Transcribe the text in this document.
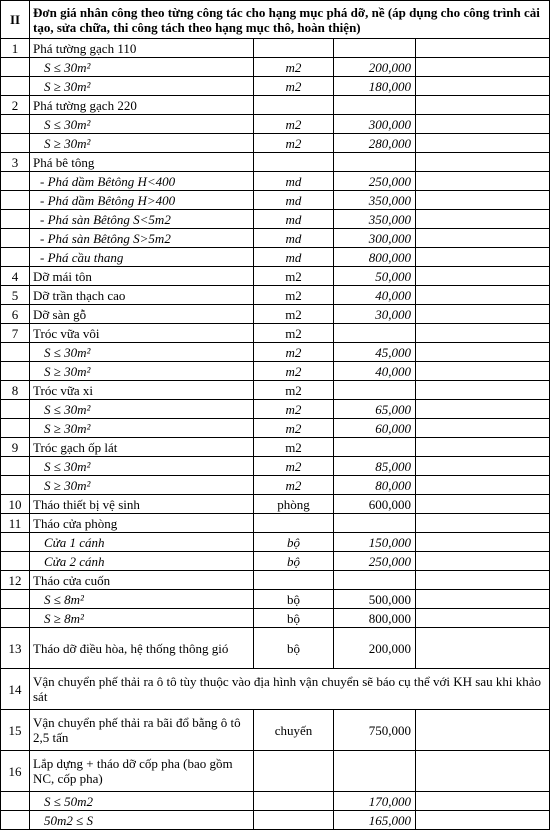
II	Đơn giá nhân công theo từng công tác cho hạng mục phá dỡ, nề (áp dụng cho công trình cải tạo, sửa chữa, thi công tách theo hạng mục thô, hoàn thiện)			
1	Phá tường gạch 110			
	S ≤ 30m²	m2	200,000	
	S ≥ 30m²	m2	180,000	
2	Phá tường gạch 220			
	S ≤ 30m²	m2	300,000	
	S ≥ 30m²	m2	280,000	
3	Phá bê tông			
	- Phá dầm Bêtông H<400	md	250,000	
	- Phá dầm Bêtông H>400	md	350,000	
	- Phá sàn Bêtông S<5m2	md	350,000	
	- Phá sàn Bêtông S>5m2	md	300,000	
	- Phá cầu thang	md	800,000	
4	Dỡ mái tôn	m2	50,000	
5	Dỡ trần thạch cao	m2	40,000	
6	Dỡ sàn gỗ	m2	30,000	
7	Tróc vữa vôi	m2		
	S ≤ 30m²	m2	45,000	
	S ≥ 30m²	m2	40,000	
8	Tróc vữa xi	m2		
	S ≤ 30m²	m2	65,000	
	S ≥ 30m²	m2	60,000	
9	Tróc gạch ốp lát	m2		
	S ≤ 30m²	m2	85,000	
	S ≥ 30m²	m2	80,000	
10	Tháo thiết bị vệ sinh	phòng	600,000	
11	Tháo cửa phòng			
	Cửa 1 cánh	bộ	150,000	
	Cửa 2 cánh	bộ	250,000	
12	Tháo cửa cuốn			
	S ≤ 8m²	bộ	500,000	
	S ≥ 8m²	bộ	800,000	
13	Tháo dỡ điều hòa, hệ thống thông gió	bộ	200,000	
14	Vận chuyển phế thải ra ô tô tùy thuộc vào địa hình vận chuyển sẽ báo cụ thể với KH sau khi khảo sát			
15	Vận chuyển phế thải ra bãi đổ bằng ô tô 2,5 tấn	chuyến	750,000	
16	Lắp dựng + tháo dỡ cốp pha (bao gồm NC, cốp pha)			
	S ≤ 50m2		170,000	
	50m2 ≤ S		165,000	
